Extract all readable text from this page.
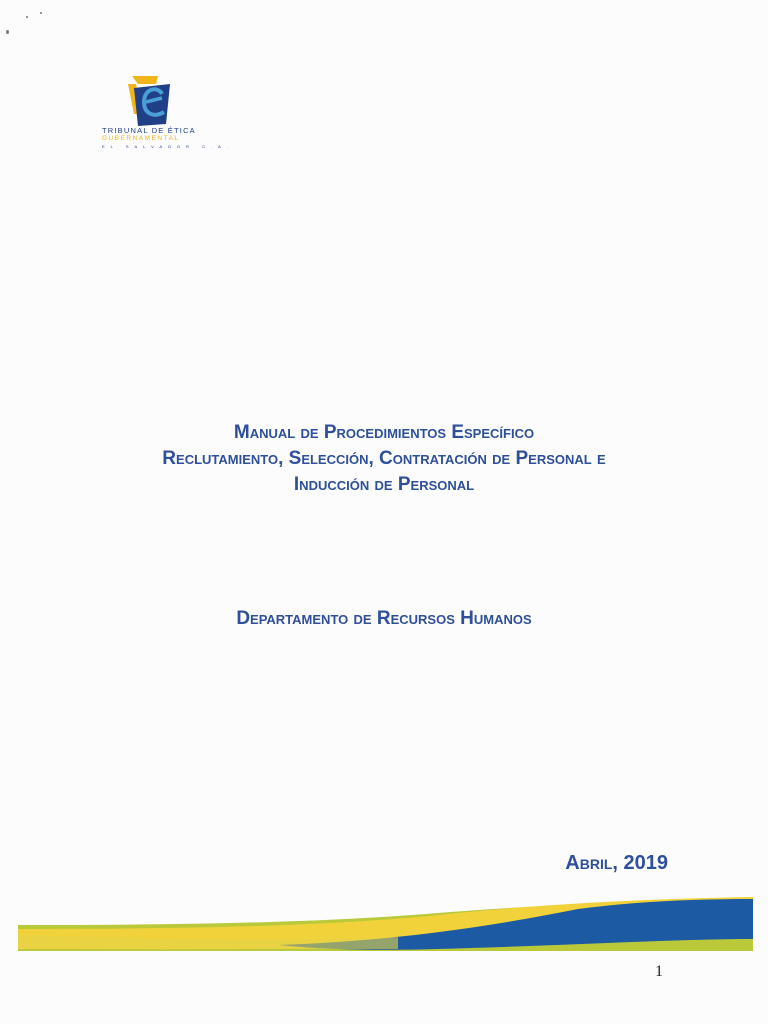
TRIBUNAL DE ÉTICA
GUBERNAMENTAL
EL SALVADOR C.A.
Manual de Procedimientos Específico
Reclutamiento, Selección, Contratación de Personal e
Inducción de Personal
Departamento de Recursos Humanos
Abril, 2019
1
